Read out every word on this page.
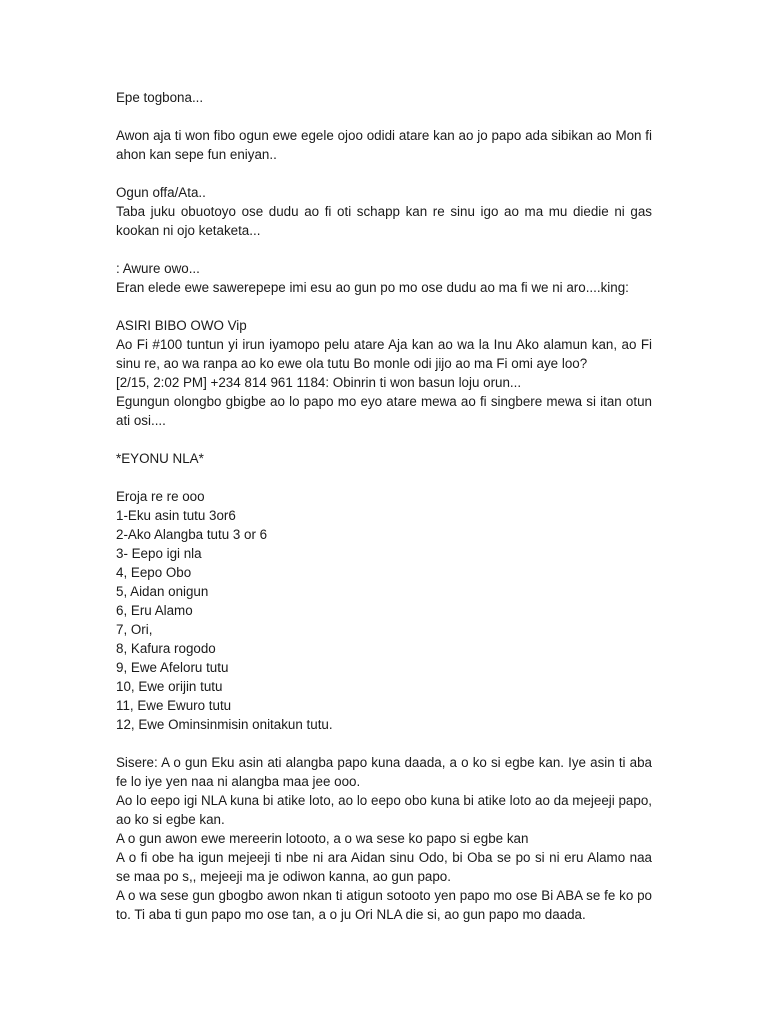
Epe togbona...
Awon aja ti won fibo ogun ewe egele ojoo odidi atare kan ao jo papo ada sibikan ao Mon fi ahon kan sepe fun eniyan..
Ogun offa/Ata..
Taba juku obuotoyo ose dudu ao fi oti schapp kan re sinu igo ao ma mu diedie ni gas kookan ni ojo ketaketa...
: Awure owo...
Eran elede ewe sawerepepe imi esu ao gun po mo ose dudu ao ma fi we ni aro....king:
ASIRI BIBO OWO Vip
Ao Fi #100 tuntun yi irun iyamopo pelu atare Aja kan ao wa la Inu Ako alamun kan, ao Fi sinu re, ao wa ranpa ao ko ewe ola tutu Bo monle odi jijo ao ma Fi omi aye loo?
[2/15, 2:02 PM] +234 814 961 1184: Obinrin ti won basun loju orun...
Egungun olongbo gbigbe ao lo papo mo eyo atare mewa ao fi singbere mewa si itan otun ati osi....
*EYONU NLA*
Eroja re re ooo
1-Eku asin tutu 3or6
2-Ako Alangba tutu 3 or 6
3- Eepo igi nla
4, Eepo Obo
5, Aidan onigun
6, Eru Alamo
7, Ori,
8, Kafura rogodo
9, Ewe Afeloru tutu
10, Ewe orijin tutu
11, Ewe Ewuro tutu
12, Ewe Ominsinmisin onitakun tutu.
Sisere: A o gun Eku asin ati alangba papo kuna daada, a o ko si egbe kan. Iye asin ti aba fe lo iye yen naa ni alangba maa jee ooo.
Ao lo eepo igi NLA kuna bi atike loto, ao lo eepo obo kuna bi atike loto ao da mejeeji papo, ao ko si egbe kan.
A o gun awon ewe mereerin lotooto, a o wa sese ko papo si egbe kan
A o fi obe ha igun mejeeji ti nbe ni ara Aidan sinu Odo, bi Oba se po si ni eru Alamo naa se maa po s,, mejeeji ma je odiwon kanna, ao gun papo.
A o wa sese gun gbogbo awon nkan ti atigun sotooto yen papo mo ose Bi ABA se fe ko po to. Ti aba ti gun papo mo ose tan, a o ju Ori NLA die si, ao gun papo mo daada.
